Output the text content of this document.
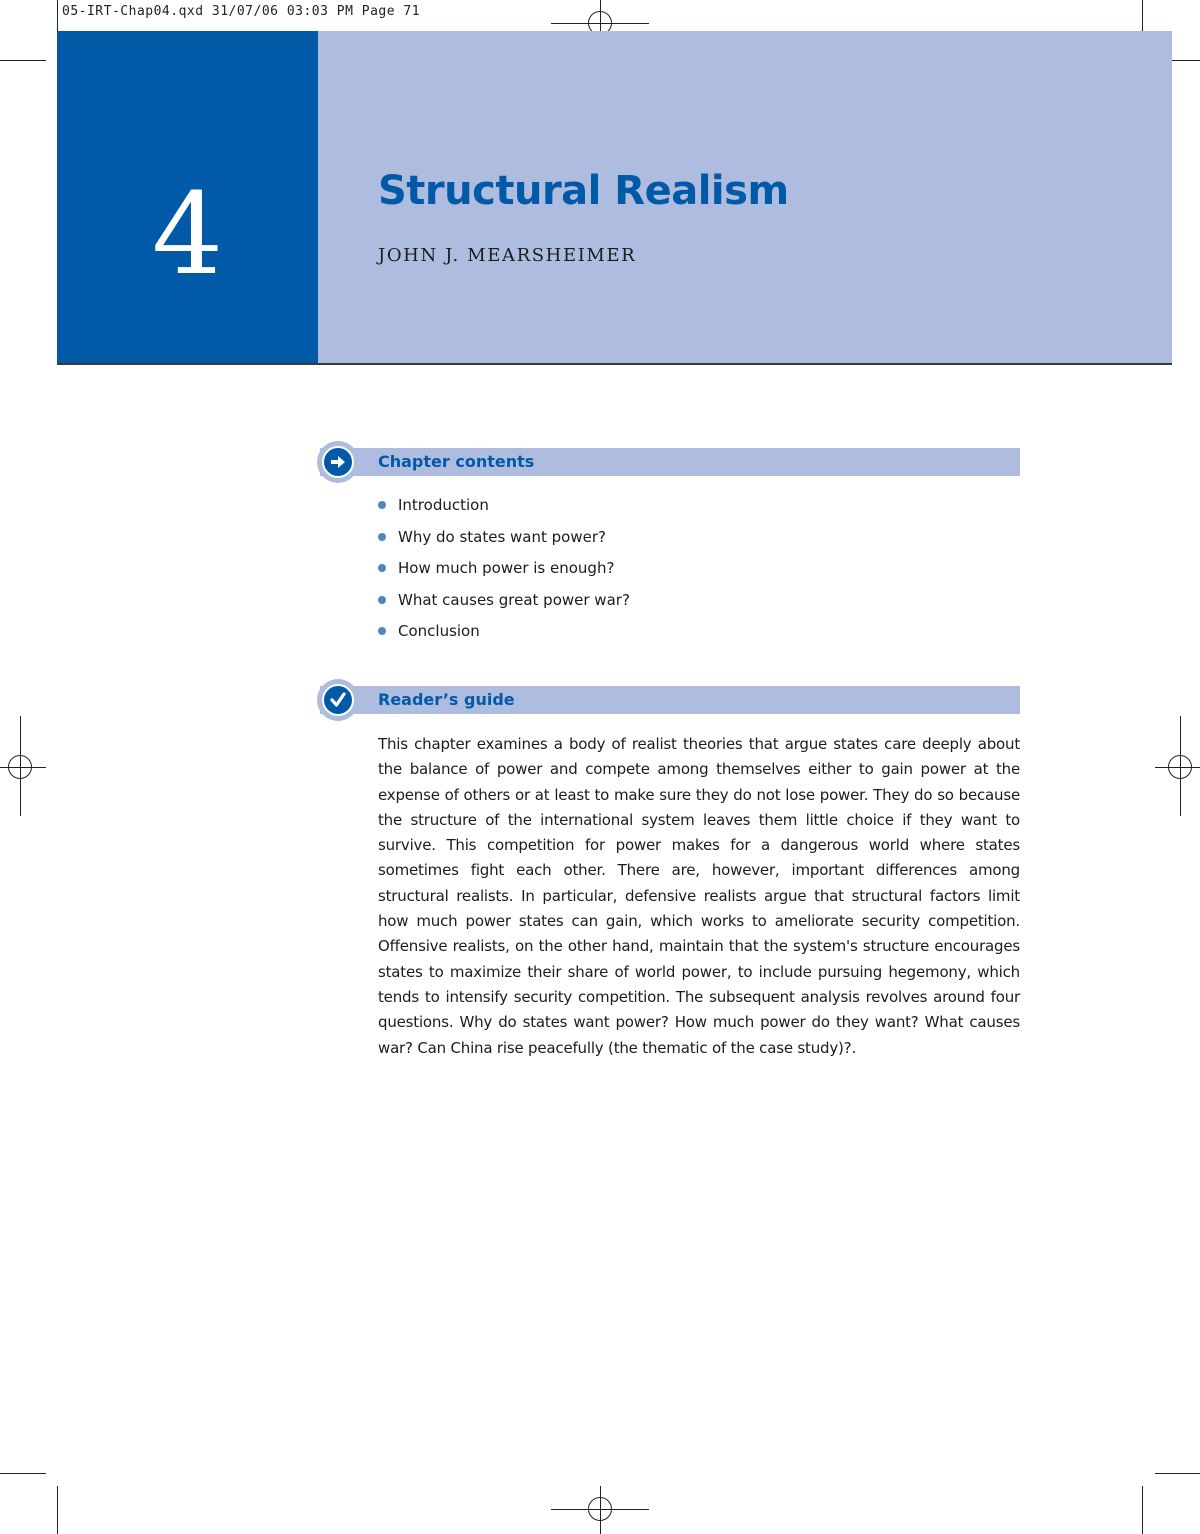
05-IRT-Chap04.qxd 31/07/06 03:03 PM Page 71
4	Structural Realism
JOHN J. MEARSHEIMER
Chapter contents
Introduction
Why do states want power?
How much power is enough?
What causes great power war?
Conclusion
Reader’s guide

This chapter examines a body of realist theories that argue states care deeply about the balance of power and compete among themselves either to gain power at the expense of others or at least to make sure they do not lose power. They do so because the structure of the international system leaves them little choice if they want to survive. This competition for power makes for a dangerous world where states sometimes fight each other. There are, however, important differences among structural realists. In particular, defensive realists argue that structural factors limit how much power states can gain, which works to ameliorate security competition. Offensive realists, on the other hand, maintain that the system's structure encourages states to maximize their share of world power, to include pursuing hegemony, which tends to intensify security competition. The subsequent analysis revolves around four questions. Why do states want power? How much power do they want? What causes war? Can China rise peacefully (the thematic of the case study)?.
